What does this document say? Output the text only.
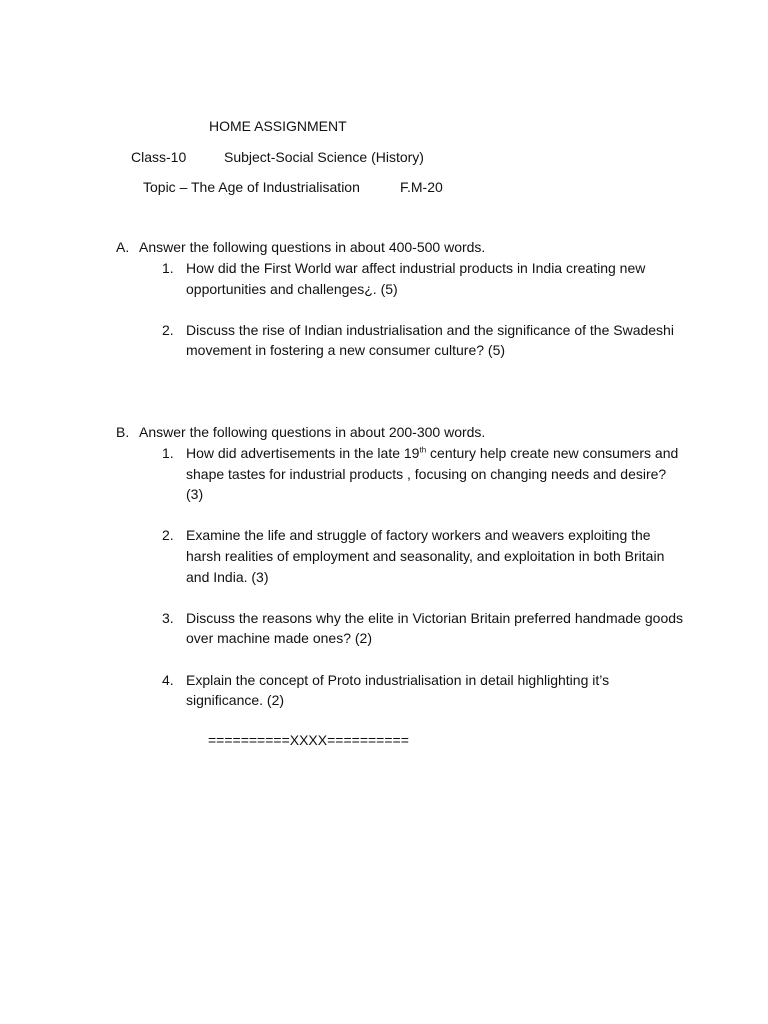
HOME ASSIGNMENT
Class-10	Subject-Social Science (History)
Topic – The Age of Industrialisation	F.M-20
A. Answer the following questions in about 400-500 words.
1. How did the First World war affect industrial products in India creating new opportunities and challenges¿. (5)
2. Discuss the rise of Indian industrialisation and the significance of the Swadeshi movement in fostering a new consumer culture? (5)
B. Answer the following questions in about 200-300 words.
1. How did advertisements in the late 19th century help create new consumers and shape tastes for industrial products , focusing on changing needs and desire? (3)
2. Examine the life and struggle of factory workers and weavers exploiting the harsh realities of employment and seasonality, and exploitation in both Britain and India. (3)
3. Discuss the reasons why the elite in Victorian Britain preferred handmade goods over machine made ones? (2)
4. Explain the concept of Proto industrialisation in detail highlighting it’s significance. (2)
==========XXXX==========
